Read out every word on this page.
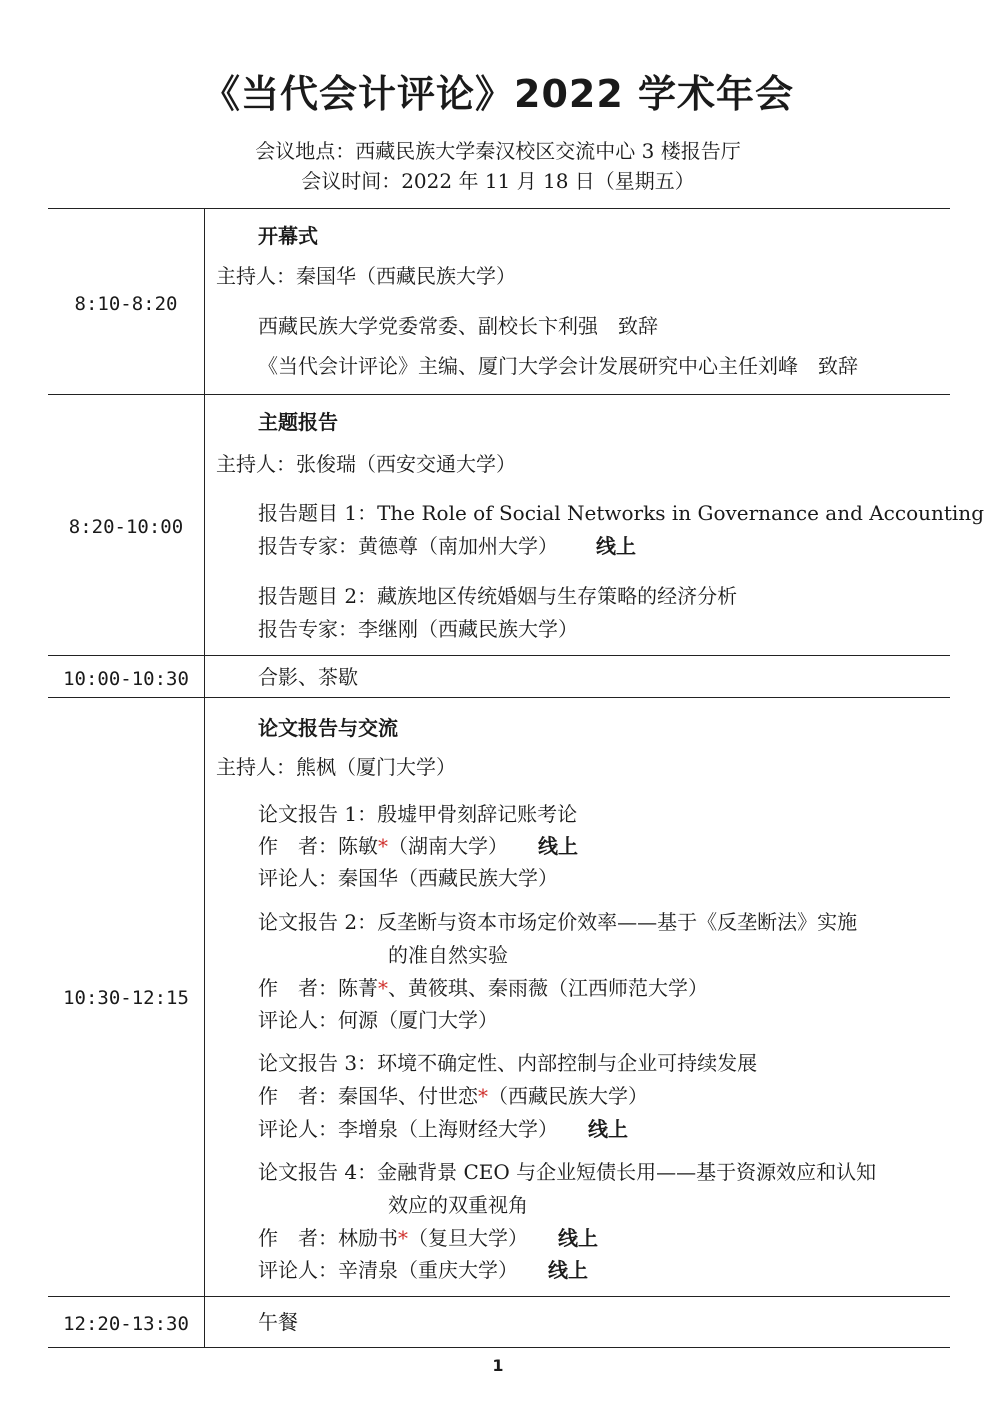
《当代会计评论》2022 学术年会
会议地点：西藏民族大学秦汉校区交流中心 3 楼报告厅
会议时间：2022 年 11 月 18 日（星期五）
8:10-8:20
开幕式
主持人：秦国华（西藏民族大学）
西藏民族大学党委常委、副校长卞利强　致辞
《当代会计评论》主编、厦门大学会计发展研究中心主任刘峰　致辞
8:20-10:00
主题报告
主持人：张俊瑞（西安交通大学）
报告题目 1：The Role of Social Networks in Governance and Accounting
报告专家：黄德尊（南加州大学） 线上
报告题目 2：藏族地区传统婚姻与生存策略的经济分析
报告专家：李继刚（西藏民族大学）
10:00-10:30	合影、茶歇
10:30-12:15
论文报告与交流
主持人：熊枫（厦门大学）
论文报告 1：殷墟甲骨刻辞记账考论
作　者：陈敏*（湖南大学） 线上
评论人：秦国华（西藏民族大学）
论文报告 2：反垄断与资本市场定价效率——基于《反垄断法》实施
的准自然实验
作　者：陈菁*、黄筱琪、秦雨薇（江西师范大学）
评论人：何源（厦门大学）
论文报告 3：环境不确定性、内部控制与企业可持续发展
作　者：秦国华、付世恋*（西藏民族大学）
评论人：李增泉（上海财经大学） 线上
论文报告 4：金融背景 CEO 与企业短债长用——基于资源效应和认知
效应的双重视角
作　者：林励书*（复旦大学） 线上
评论人：辛清泉（重庆大学） 线上
12:20-13:30	午餐
1
